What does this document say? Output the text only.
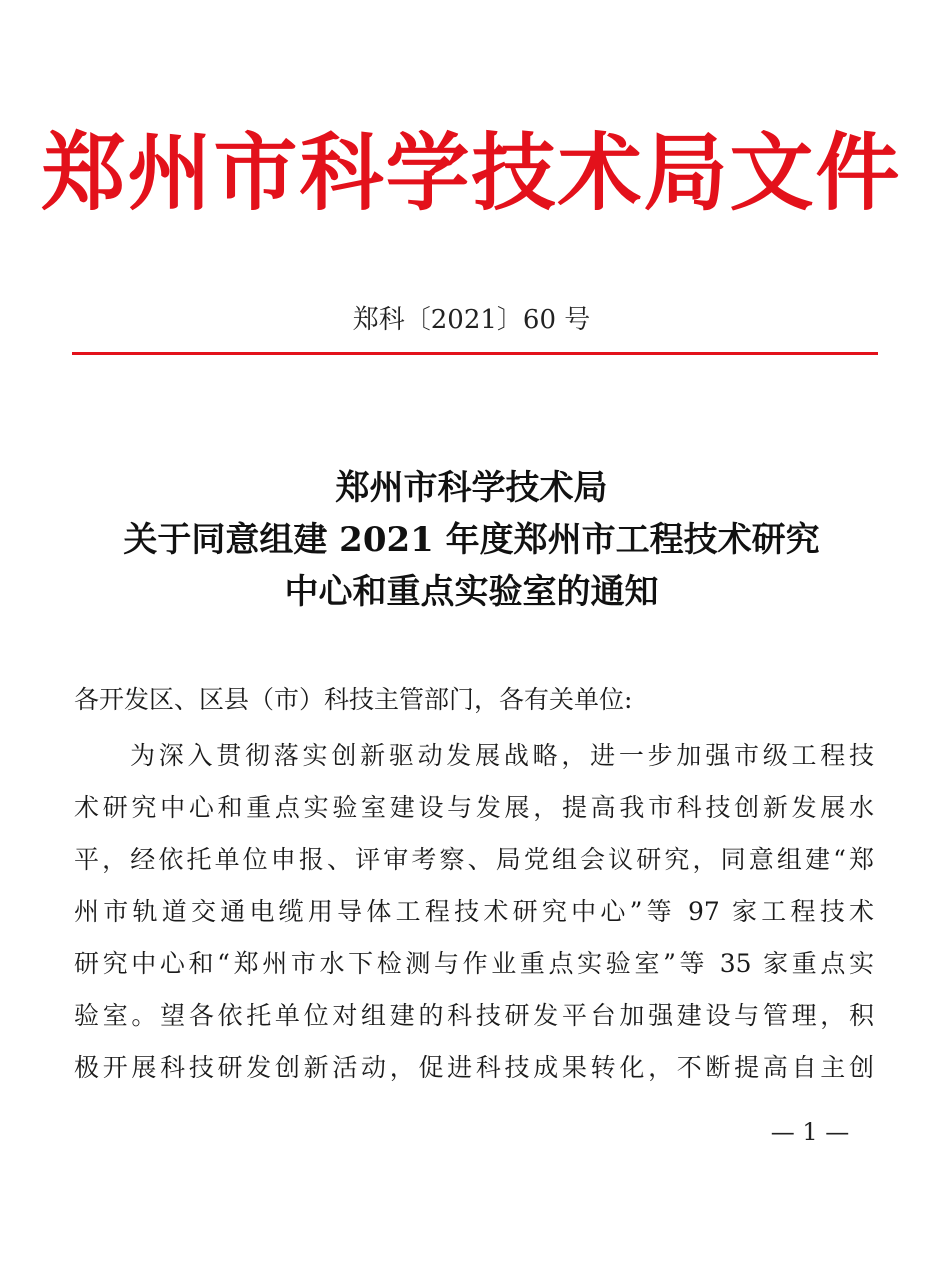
郑州市科学技术局文件
郑科〔2021〕60 号
郑州市科学技术局
关于同意组建 2021 年度郑州市工程技术研究
中心和重点实验室的通知
各开发区、区县（市）科技主管部门，各有关单位:
为深入贯彻落实创新驱动发展战略，进一步加强市级工程技
术研究中心和重点实验室建设与发展，提高我市科技创新发展水
平，经依托单位申报、评审考察、局党组会议研究，同意组建“郑
州市轨道交通电缆用导体工程技术研究中心”等 97 家工程技术
研究中心和“郑州市水下检测与作业重点实验室”等 35 家重点实
验室。望各依托单位对组建的科技研发平台加强建设与管理，积
极开展科技研发创新活动，促进科技成果转化，不断提高自主创
— 1 —
